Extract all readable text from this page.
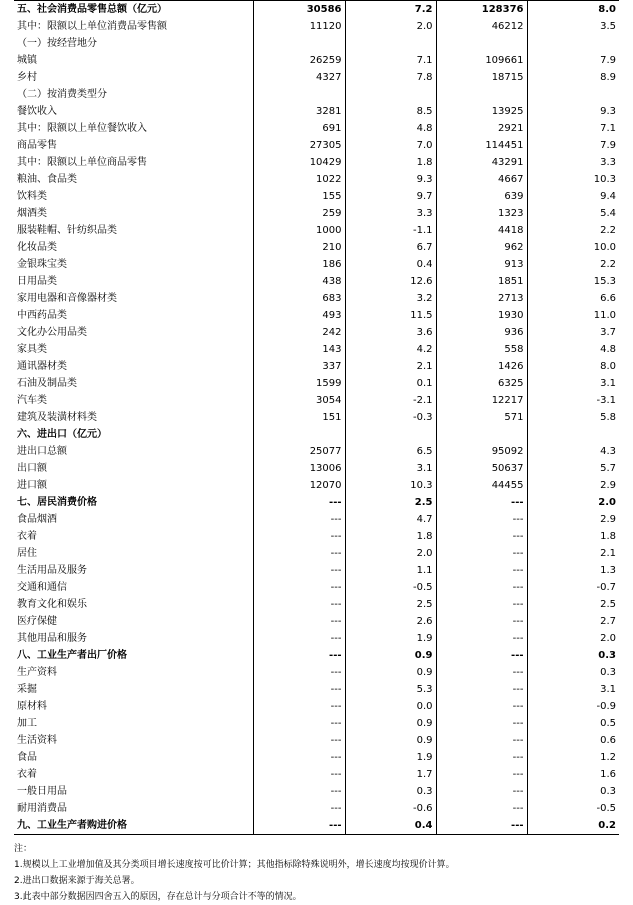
五、社会消费品零售总额（亿元）	30586	7.2	128376	8.0
其中：限额以上单位消费品零售额	11120	2.0	46212	3.5
（一）按经营地分				
城镇	26259	7.1	109661	7.9
乡村	4327	7.8	18715	8.9
（二）按消费类型分				
餐饮收入	3281	8.5	13925	9.3
其中：限额以上单位餐饮收入	691	4.8	2921	7.1
商品零售	27305	7.0	114451	7.9
其中：限额以上单位商品零售	10429	1.8	43291	3.3
粮油、食品类	1022	9.3	4667	10.3
饮料类	155	9.7	639	9.4
烟酒类	259	3.3	1323	5.4
服装鞋帽、针纺织品类	1000	-1.1	4418	2.2
化妆品类	210	6.7	962	10.0
金银珠宝类	186	0.4	913	2.2
日用品类	438	12.6	1851	15.3
家用电器和音像器材类	683	3.2	2713	6.6
中西药品类	493	11.5	1930	11.0
文化办公用品类	242	3.6	936	3.7
家具类	143	4.2	558	4.8
通讯器材类	337	2.1	1426	8.0
石油及制品类	1599	0.1	6325	3.1
汽车类	3054	-2.1	12217	-3.1
建筑及装潢材料类	151	-0.3	571	5.8
六、进出口（亿元）				
进出口总额	25077	6.5	95092	4.3
出口额	13006	3.1	50637	5.7
进口额	12070	10.3	44455	2.9
七、居民消费价格	---	2.5	---	2.0
食品烟酒	---	4.7	---	2.9
衣着	---	1.8	---	1.8
居住	---	2.0	---	2.1
生活用品及服务	---	1.1	---	1.3
交通和通信	---	-0.5	---	-0.7
教育文化和娱乐	---	2.5	---	2.5
医疗保健	---	2.6	---	2.7
其他用品和服务	---	1.9	---	2.0
八、工业生产者出厂价格	---	0.9	---	0.3
生产资料	---	0.9	---	0.3
采掘	---	5.3	---	3.1
原材料	---	0.0	---	-0.9
加工	---	0.9	---	0.5
生活资料	---	0.9	---	0.6
食品	---	1.9	---	1.2
衣着	---	1.7	---	1.6
一般日用品	---	0.3	---	0.3
耐用消费品	---	-0.6	---	-0.5
九、工业生产者购进价格	---	0.4	---	0.2
注：
1.规模以上工业增加值及其分类项目增长速度按可比价计算；其他指标除特殊说明外，增长速度均按现价计算。
2.进出口数据来源于海关总署。
3.此表中部分数据因四舍五入的原因，存在总计与分项合计不等的情况。
